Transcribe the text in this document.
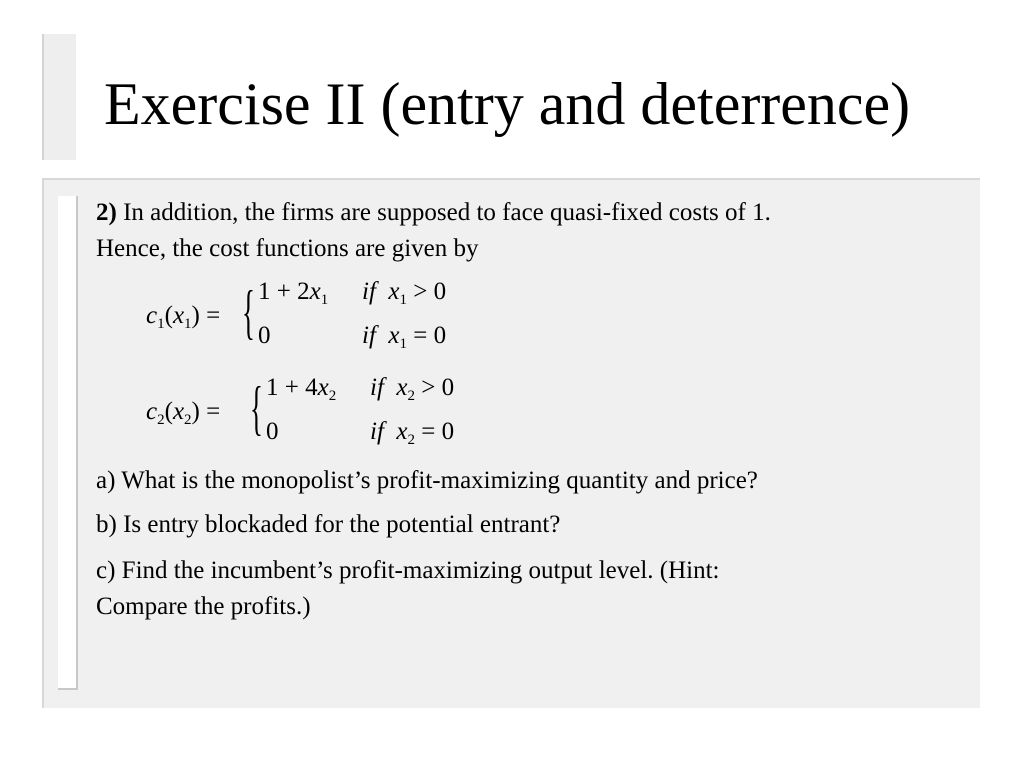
Exercise II (entry and deterrence)
2) In addition, the firms are supposed to face quasi-fixed costs of 1.
Hence, the cost functions are given by
$c_1(x_1)$ = { $1 + 2x_1$ if $x_1 > 0$
0	if $x_1 = 0$
$c_2(x_2)$ = { $1 + 4x_2$ if $x_2 > 0$
0	if $x_2 = 0$
a) What is the monopolist’s profit-maximizing quantity and price?
b) Is entry blockaded for the potential entrant?
c) Find the incumbent’s profit-maximizing output level. (Hint:
Compare the profits.)
